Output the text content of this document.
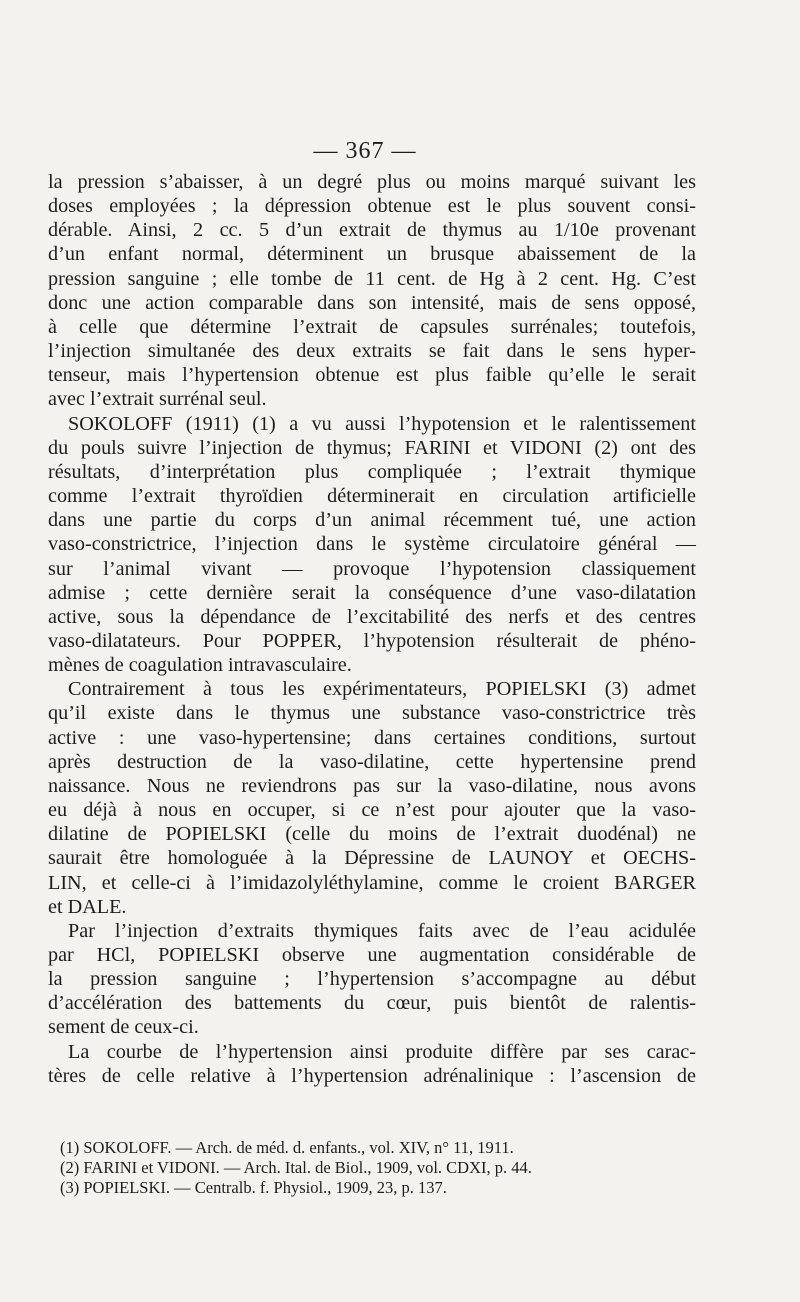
— 367 —
la pression s’abaisser, à un degré plus ou moins marqué suivant les
doses employées ; la dépression obtenue est le plus souvent consi-
dérable. Ainsi, 2 cc. 5 d’un extrait de thymus au 1/10e provenant
d’un enfant normal, déterminent un brusque abaissement de la
pression sanguine ; elle tombe de 11 cent. de Hg à 2 cent. Hg. C’est
donc une action comparable dans son intensité, mais de sens opposé,
à celle que détermine l’extrait de capsules surrénales; toutefois,
l’injection simultanée des deux extraits se fait dans le sens hyper-
tenseur, mais l’hypertension obtenue est plus faible qu’elle le serait
avec l’extrait surrénal seul.
SOKOLOFF (1911) (1) a vu aussi l’hypotension et le ralentissement
du pouls suivre l’injection de thymus; FARINI et VIDONI (2) ont des
résultats, d’interprétation plus compliquée ; l’extrait thymique
comme l’extrait thyroïdien déterminerait en circulation artificielle
dans une partie du corps d’un animal récemment tué, une action
vaso-constrictrice, l’injection dans le système circulatoire général —
sur l’animal vivant — provoque l’hypotension classiquement
admise ; cette dernière serait la conséquence d’une vaso-dilatation
active, sous la dépendance de l’excitabilité des nerfs et des centres
vaso-dilatateurs. Pour POPPER, l’hypotension résulterait de phéno-
mènes de coagulation intravasculaire.
Contrairement à tous les expérimentateurs, POPIELSKI (3) admet
qu’il existe dans le thymus une substance vaso-constrictrice très
active : une vaso-hypertensine; dans certaines conditions, surtout
après destruction de la vaso-dilatine, cette hypertensine prend
naissance. Nous ne reviendrons pas sur la vaso-dilatine, nous avons
eu déjà à nous en occuper, si ce n’est pour ajouter que la vaso-
dilatine de POPIELSKI (celle du moins de l’extrait duodénal) ne
saurait être homologuée à la Dépressine de LAUNOY et OECHS-
LIN, et celle-ci à l’imidazolyléthylamine, comme le croient BARGER
et DALE.
Par l’injection d’extraits thymiques faits avec de l’eau acidulée
par HCl, POPIELSKI observe une augmentation considérable de
la pression sanguine ; l’hypertension s’accompagne au début
d’accélération des battements du cœur, puis bientôt de ralentis-
sement de ceux-ci.
La courbe de l’hypertension ainsi produite diffère par ses carac-
tères de celle relative à l’hypertension adrénalinique : l’ascension de
(1) SOKOLOFF. — Arch. de méd. d. enfants., vol. XIV, n° 11, 1911.
(2) FARINI et VIDONI. — Arch. Ital. de Biol., 1909, vol. CDXI, p. 44.
(3) POPIELSKI. — Centralb. f. Physiol., 1909, 23, p. 137.
